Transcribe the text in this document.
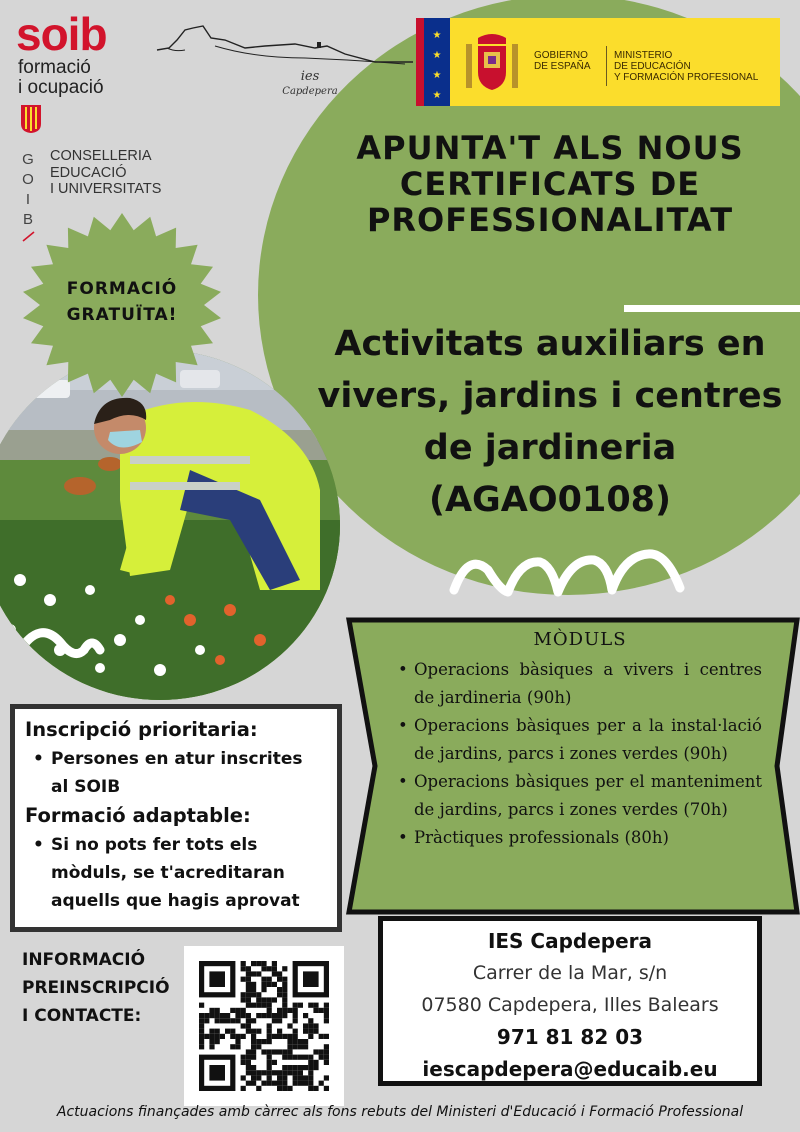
soib
formació
i ocupació
G
O
I
B
CONSELLERIA
EDUCACIÓ
I UNIVERSITATS
ies
Capdepera
★
★
★
★
GOBIERNO
DE ESPAÑA
MINISTERIO
DE EDUCACIÓN
Y FORMACIÓN PROFESIONAL
APUNTA'T ALS NOUS
CERTIFICATS DE
PROFESSIONALITAT
Activitats auxiliars en
vivers, jardins i centres
de jardineria
(AGAO0108)
FORMACIÓ
GRATUÏTA!
MÒDULS
• Operacions bàsiques a vivers i centres de jardineria (90h)
• Operacions bàsiques per a la instal·lació de jardins, parcs i zones verdes (90h)
• Operacions bàsiques per el manteniment de jardins, parcs i zones verdes (70h)
• Pràctiques professionals (80h)
Inscripció prioritaria:
• Persones en atur inscrites
al SOIB
Formació adaptable:
• Si no pots fer tots els
mòduls, se t'acreditaran
aquells que hagis aprovat
IES Capdepera
Carrer de la Mar, s/n
07580 Capdepera, Illes Balears
971 81 82 03
iescapdepera@educaib.eu
INFORMACIÓ
PREINSCRIPCIÓ
I CONTACTE:
Actuacions finançades amb càrrec als fons rebuts del Ministeri d'Educació i Formació Professional
